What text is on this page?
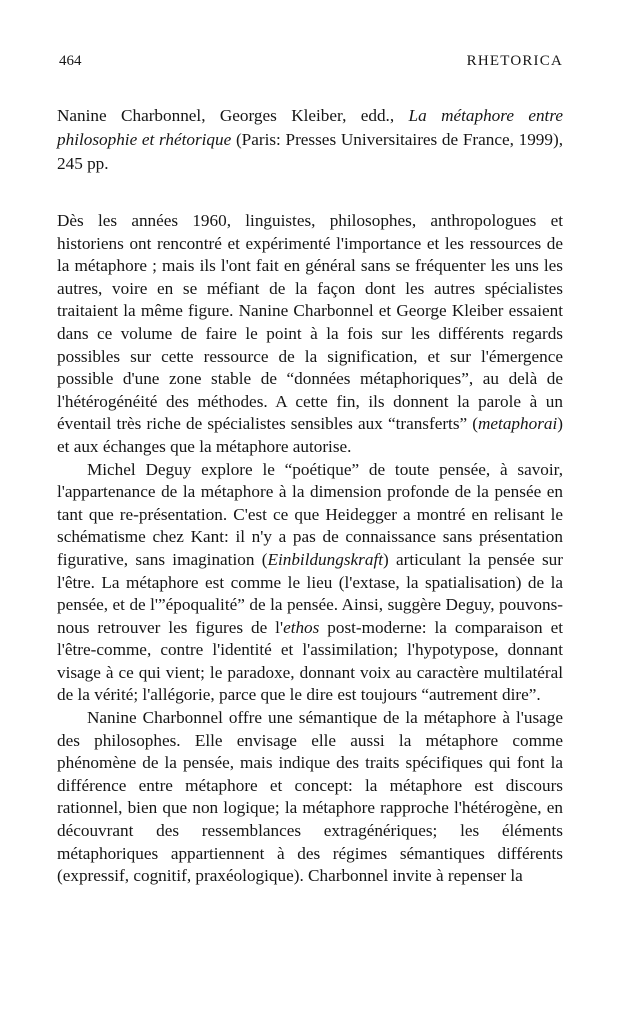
464	RHETORICA
Nanine Charbonnel, Georges Kleiber, edd., La métaphore entre philosophie et rhétorique (Paris: Presses Universitaires de France, 1999), 245 pp.

Dès les années 1960, linguistes, philosophes, anthropologues et historiens ont rencontré et expérimenté l'importance et les ressources de la métaphore ; mais ils l'ont fait en général sans se fréquenter les uns les autres, voire en se méfiant de la façon dont les autres spécialistes traitaient la même figure. Nanine Charbonnel et George Kleiber essaient dans ce volume de faire le point à la fois sur les différents regards possibles sur cette ressource de la signification, et sur l'émergence possible d'une zone stable de “données métaphoriques”, au delà de l'hétérogénéité des méthodes. A cette fin, ils donnent la parole à un éventail très riche de spécialistes sensibles aux “transferts” (metaphorai) et aux échanges que la métaphore autorise.

Michel Deguy explore le “poétique” de toute pensée, à savoir, l'appartenance de la métaphore à la dimension profonde de la pensée en tant que re-présentation. C'est ce que Heidegger a montré en relisant le schématisme chez Kant: il n'y a pas de connaissance sans présentation figurative, sans imagination (Einbildungskraft) articulant la pensée sur l'être. La métaphore est comme le lieu (l'extase, la spatialisation) de la pensée, et de l'”époqualité” de la pensée. Ainsi, suggère Deguy, pouvons-nous retrouver les figures de l'ethos post-moderne: la comparaison et l'être-comme, contre l'identité et l'assimilation; l'hypotypose, donnant visage à ce qui vient; le paradoxe, donnant voix au caractère multilatéral de la vérité; l'allégorie, parce que le dire est toujours “autrement dire”.

Nanine Charbonnel offre une sémantique de la métaphore à l'usage des philosophes. Elle envisage elle aussi la métaphore comme phénomène de la pensée, mais indique des traits spécifiques qui font la différence entre métaphore et concept: la métaphore est discours rationnel, bien que non logique; la métaphore rapproche l'hétérogène, en découvrant des ressemblances extragénériques; les éléments métaphoriques appartiennent à des régimes sémantiques différents (expressif, cognitif, praxéologique). Charbonnel invite à repenser la
